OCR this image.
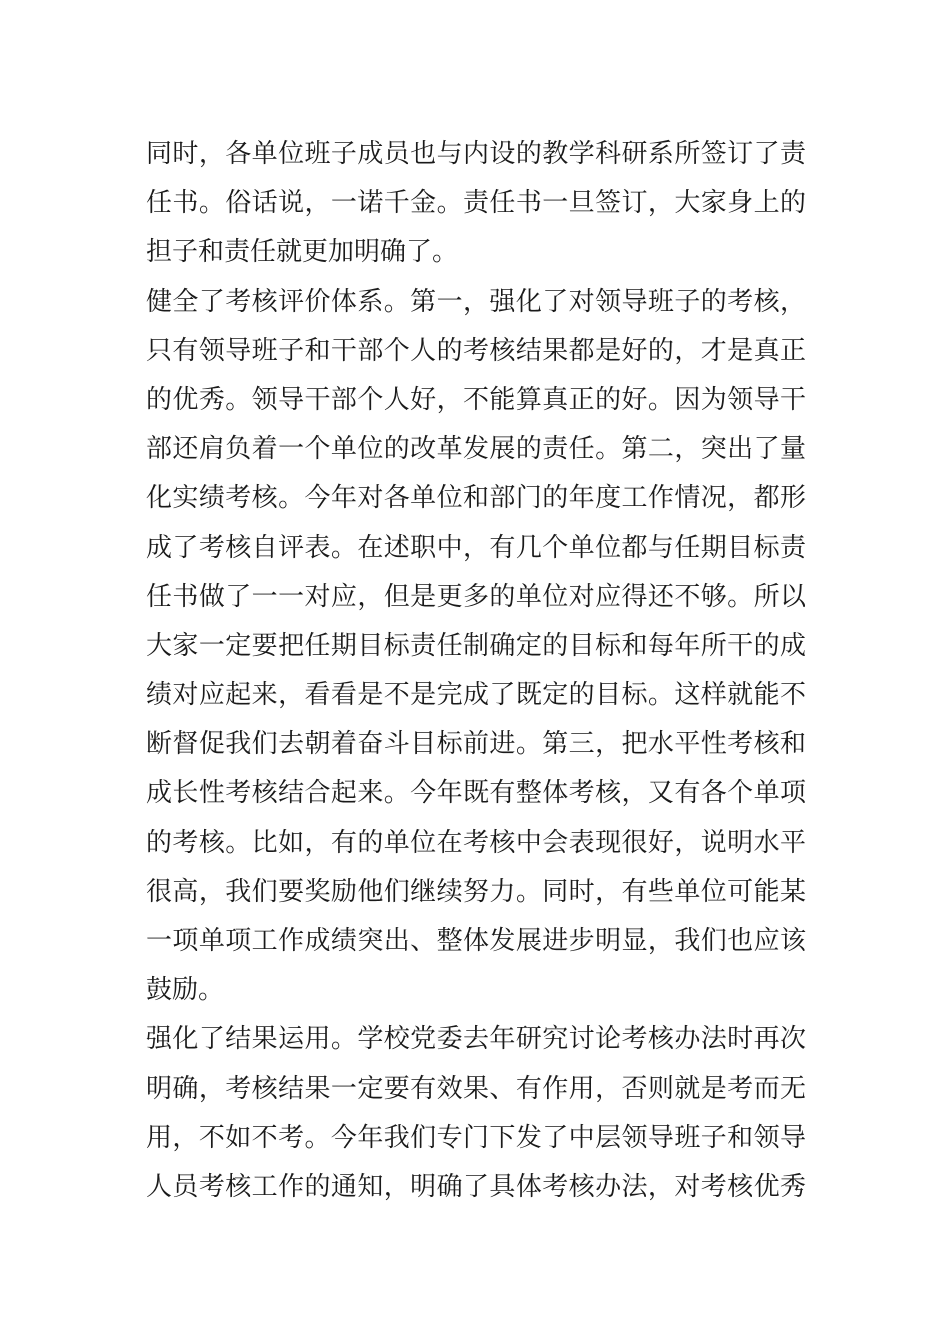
同时，各单位班子成员也与内设的教学科研系所签订了责
任书。俗话说，一诺千金。责任书一旦签订，大家身上的
担子和责任就更加明确了。
健全了考核评价体系。第一，强化了对领导班子的考核，
只有领导班子和干部个人的考核结果都是好的，才是真正
的优秀。领导干部个人好，不能算真正的好。因为领导干
部还肩负着一个单位的改革发展的责任。第二，突出了量
化实绩考核。今年对各单位和部门的年度工作情况，都形
成了考核自评表。在述职中，有几个单位都与任期目标责
任书做了一一对应，但是更多的单位对应得还不够。所以
大家一定要把任期目标责任制确定的目标和每年所干的成
绩对应起来，看看是不是完成了既定的目标。这样就能不
断督促我们去朝着奋斗目标前进。第三，把水平性考核和
成长性考核结合起来。今年既有整体考核，又有各个单项
的考核。比如，有的单位在考核中会表现很好，说明水平
很高，我们要奖励他们继续努力。同时，有些单位可能某
一项单项工作成绩突出、整体发展进步明显，我们也应该
鼓励。
强化了结果运用。学校党委去年研究讨论考核办法时再次
明确，考核结果一定要有效果、有作用，否则就是考而无
用，不如不考。今年我们专门下发了中层领导班子和领导
人员考核工作的通知，明确了具体考核办法，对考核优秀
